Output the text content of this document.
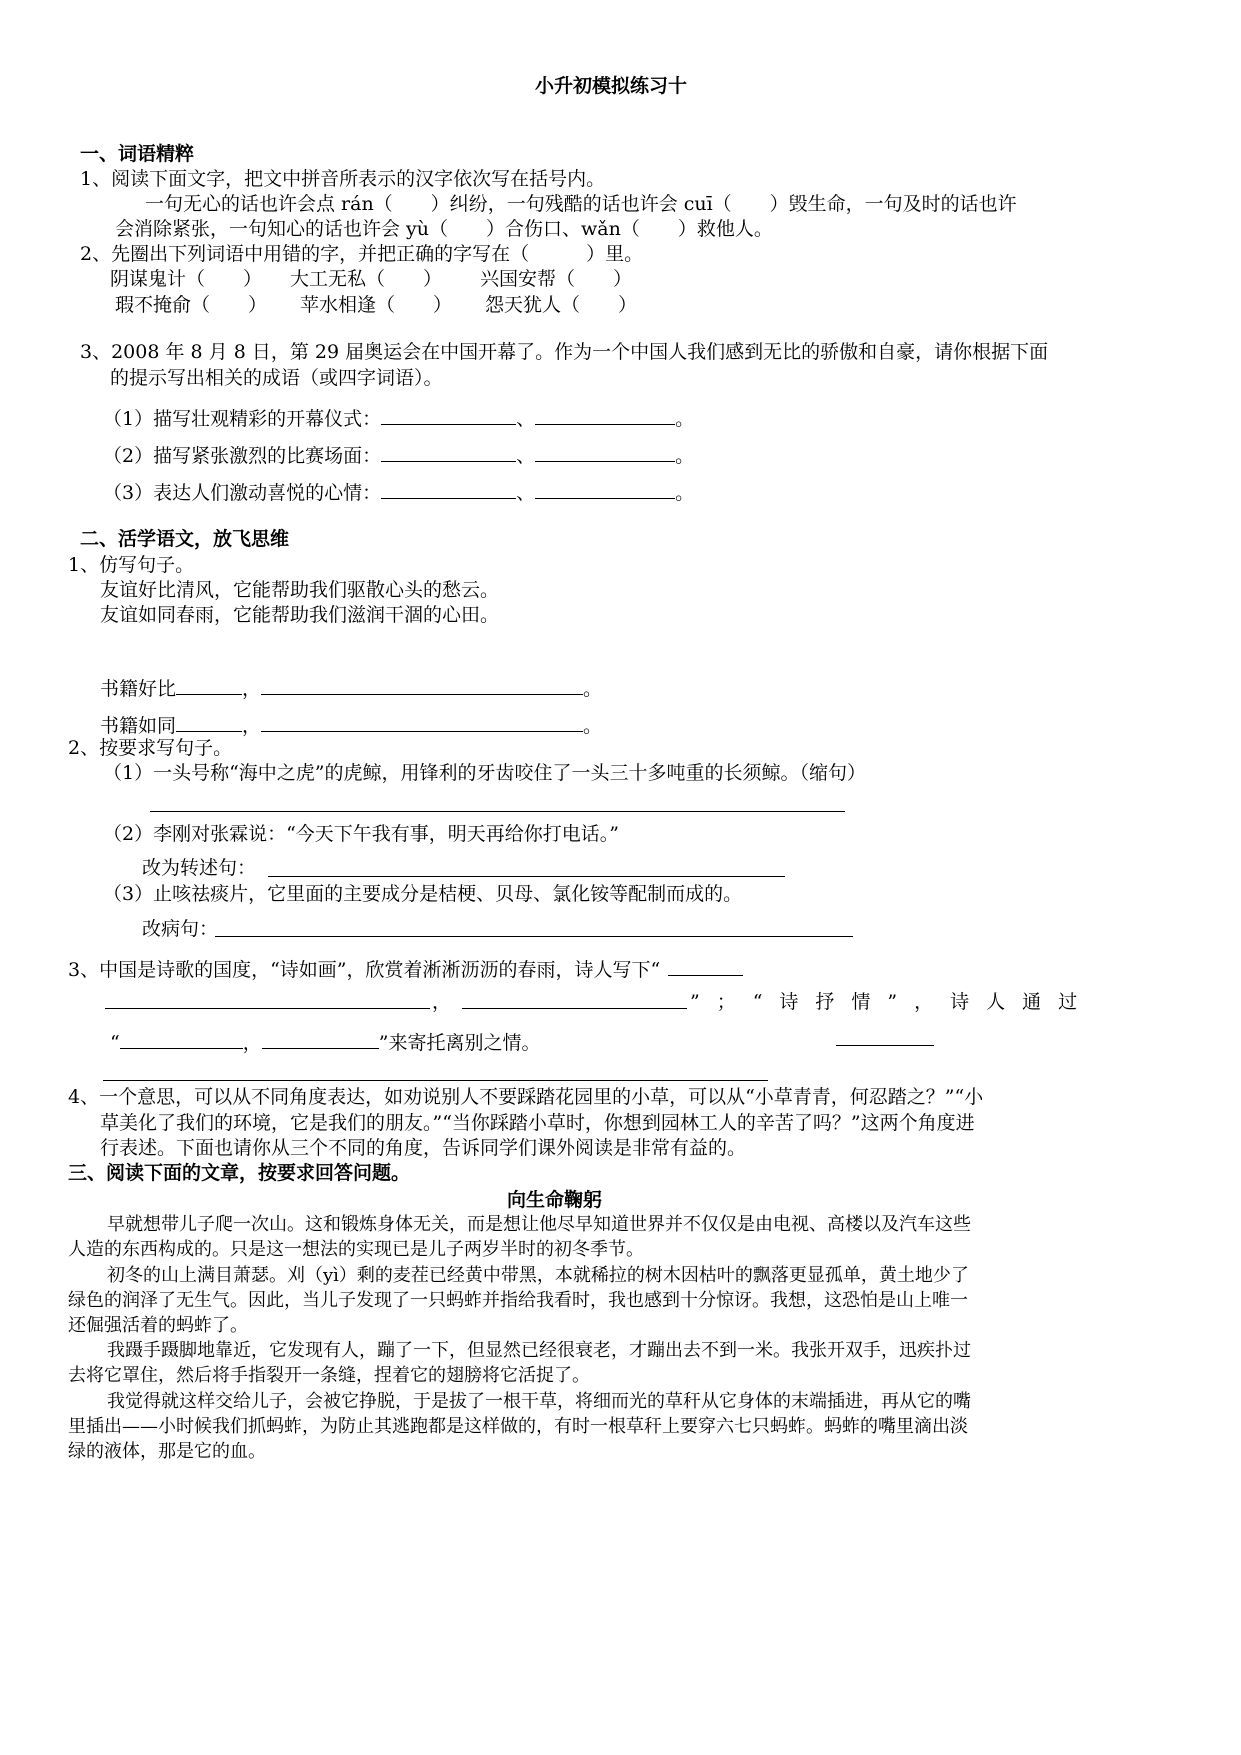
小升初模拟练习十
一、词语精粹
1、阅读下面文字，把文中拼音所表示的汉字依次写在括号内。
一句无心的话也许会点 rán（　　）纠纷，一句残酷的话也许会 cuī（　　）毁生命，一句及时的话也许
会消除紧张，一句知心的话也许会 yù（　　）合伤口、wǎn（　　）救他人。
2、先圈出下列词语中用错的字，并把正确的字写在（　　　）里。
阴谋鬼计（　　） 大工无私（　　） 兴国安帮（　　）
瑕不掩俞（　　） 苹水相逢（　　） 怨天犹人（　　）
3、2008 年 8 月 8 日，第 29 届奥运会在中国开幕了。作为一个中国人我们感到无比的骄傲和自豪，请你根据下面
的提示写出相关的成语（或四字词语）。
（1）描写壮观精彩的开幕仪式：	、	。
（2）描写紧张激烈的比赛场面：	、	。
（3）表达人们激动喜悦的心情：	、	。
二、活学语文，放飞思维
1、仿写句子。
友谊好比清风，它能帮助我们驱散心头的愁云。
友谊如同春雨，它能帮助我们滋润干涸的心田。
书籍好比	，	。
书籍如同	，	。
2、按要求写句子。
（1）一头号称“海中之虎”的虎鲸，用锋利的牙齿咬住了一头三十多吨重的长须鲸。（缩句）
（2）李刚对张霖说：“今天下午我有事，明天再给你打电话。”
改为转述句：
（3）止咳祛痰片，它里面的主要成分是桔梗、贝母、氯化铵等配制而成的。
改病句：
3、中国是诗歌的国度，“诗如画”，欣赏着淅淅沥沥的春雨，诗人写下“
，	”；“诗抒情”，诗人通过
“	，	”来寄托离别之情。
4、一个意思，可以从不同角度表达，如劝说别人不要踩踏花园里的小草，可以从“小草青青，何忍踏之？”“小
草美化了我们的环境，它是我们的朋友。”“当你踩踏小草时，你想到园林工人的辛苦了吗？”这两个角度进
行表述。下面也请你从三个不同的角度，告诉同学们课外阅读是非常有益的。
三、阅读下面的文章，按要求回答问题。
向生命鞠躬
早就想带儿子爬一次山。这和锻炼身体无关，而是想让他尽早知道世界并不仅仅是由电视、高楼以及汽车这些
人造的东西构成的。只是这一想法的实现已是儿子两岁半时的初冬季节。
初冬的山上满目萧瑟。刈（yì）剩的麦茬已经黄中带黑，本就稀拉的树木因枯叶的飘落更显孤单，黄土地少了
绿色的润泽了无生气。因此，当儿子发现了一只蚂蚱并指给我看时，我也感到十分惊讶。我想，这恐怕是山上唯一
还倔强活着的蚂蚱了。
我蹑手蹑脚地靠近，它发现有人，蹦了一下，但显然已经很衰老，才蹦出去不到一米。我张开双手，迅疾扑过
去将它罩住，然后将手指裂开一条缝，捏着它的翅膀将它活捉了。
我觉得就这样交给儿子，会被它挣脱，于是拔了一根干草，将细而光的草秆从它身体的末端插进，再从它的嘴
里插出——小时候我们抓蚂蚱，为防止其逃跑都是这样做的，有时一根草秆上要穿六七只蚂蚱。蚂蚱的嘴里滴出淡
绿的液体，那是它的血。
